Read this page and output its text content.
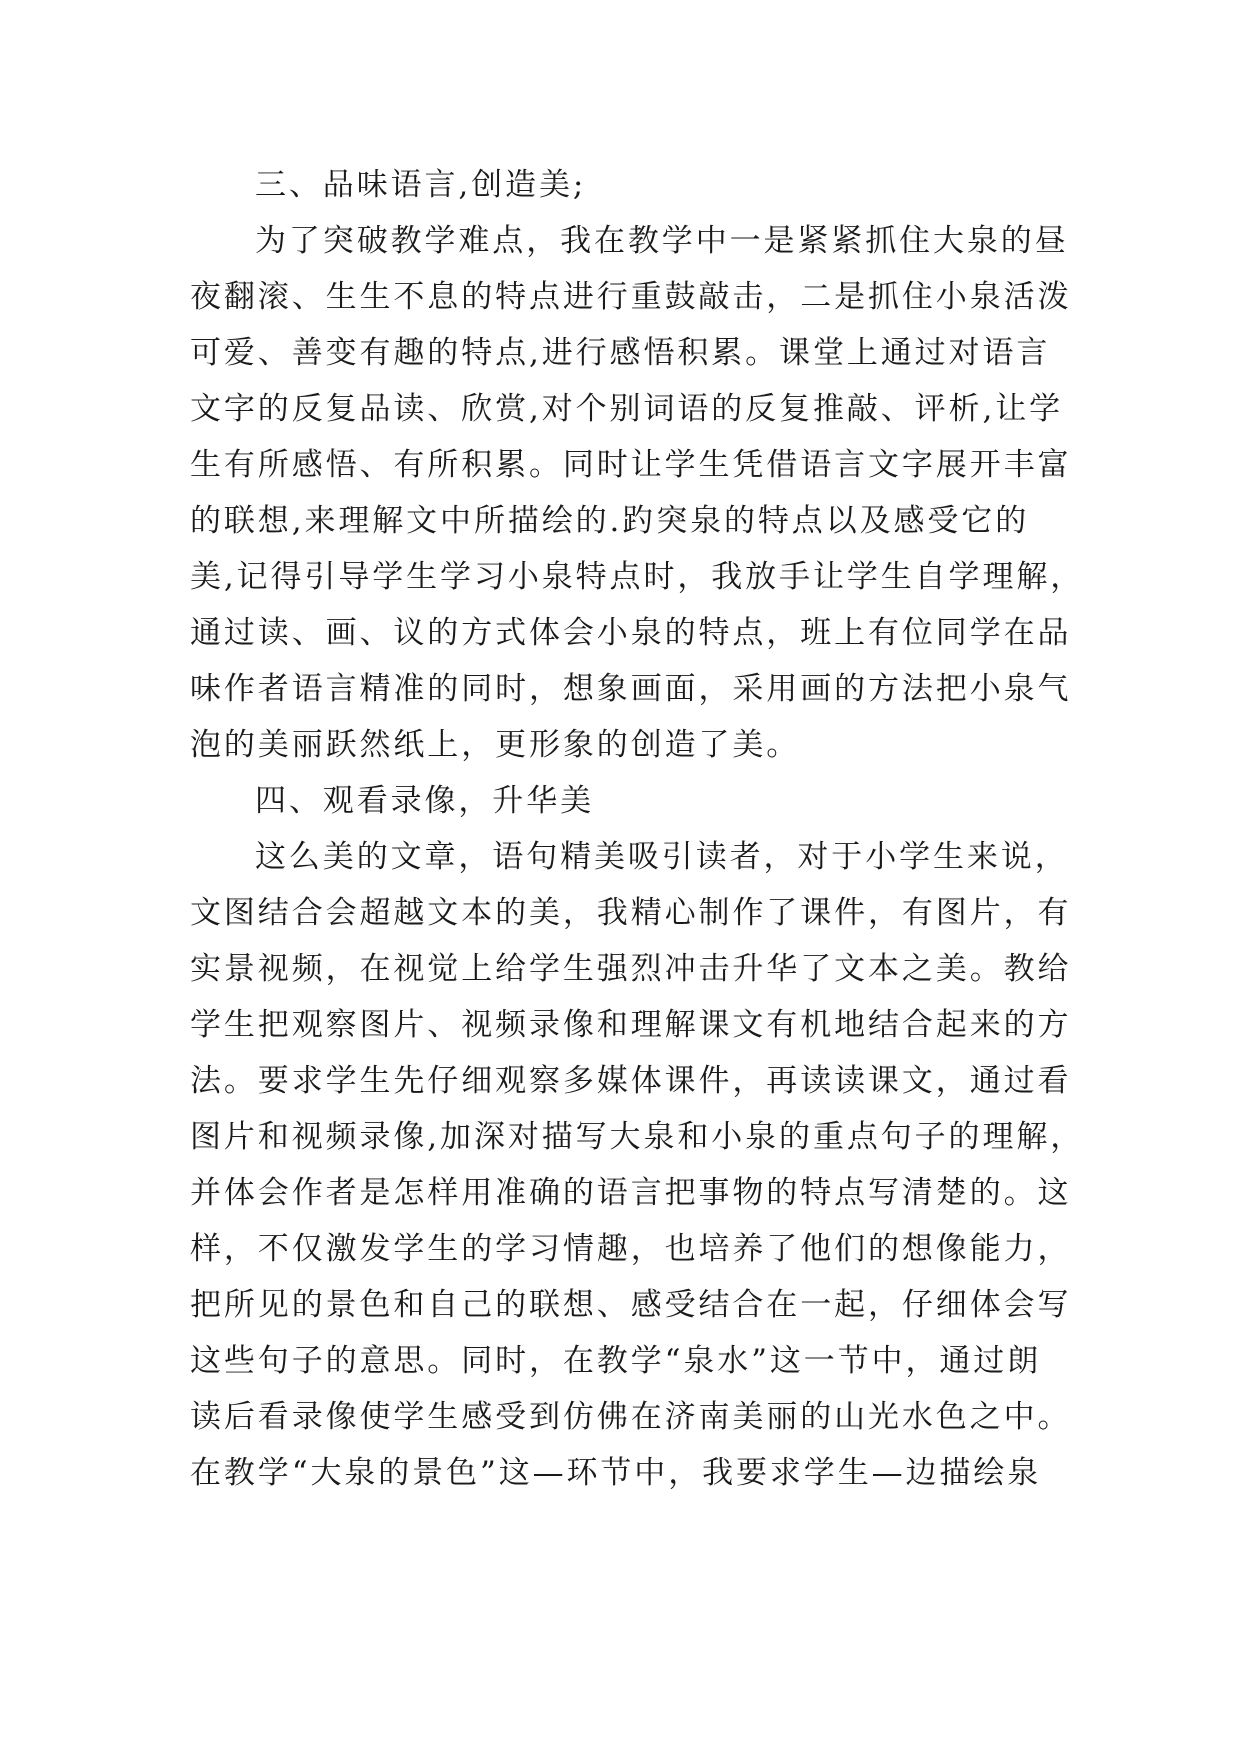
三、品味语言,创造美;
为了突破教学难点，我在教学中一是紧紧抓住大泉的昼
夜翻滚、生生不息的特点进行重鼓敲击，二是抓住小泉活泼
可爱、善变有趣的特点,进行感悟积累。课堂上通过对语言
文字的反复品读、欣赏,对个别词语的反复推敲、评析,让学
生有所感悟、有所积累。同时让学生凭借语言文字展开丰富
的联想,来理解文中所描绘的.趵突泉的特点以及感受它的
美,记得引导学生学习小泉特点时，我放手让学生自学理解，
通过读、画、议的方式体会小泉的特点，班上有位同学在品
味作者语言精准的同时，想象画面，采用画的方法把小泉气
泡的美丽跃然纸上，更形象的创造了美。
四、观看录像，升华美
这么美的文章，语句精美吸引读者，对于小学生来说，
文图结合会超越文本的美，我精心制作了课件，有图片，有
实景视频，在视觉上给学生强烈冲击升华了文本之美。教给
学生把观察图片、视频录像和理解课文有机地结合起来的方
法。要求学生先仔细观察多媒体课件，再读读课文，通过看
图片和视频录像,加深对描写大泉和小泉的重点句子的理解，
并体会作者是怎样用准确的语言把事物的特点写清楚的。这
样，不仅激发学生的学习情趣，也培养了他们的想像能力，
把所见的景色和自己的联想、感受结合在一起，仔细体会写
这些句子的意思。同时，在教学“泉水”这一节中，通过朗
读后看录像使学生感受到仿佛在济南美丽的山光水色之中。
在教学“大泉的景色”这—环节中，我要求学生—边描绘泉
